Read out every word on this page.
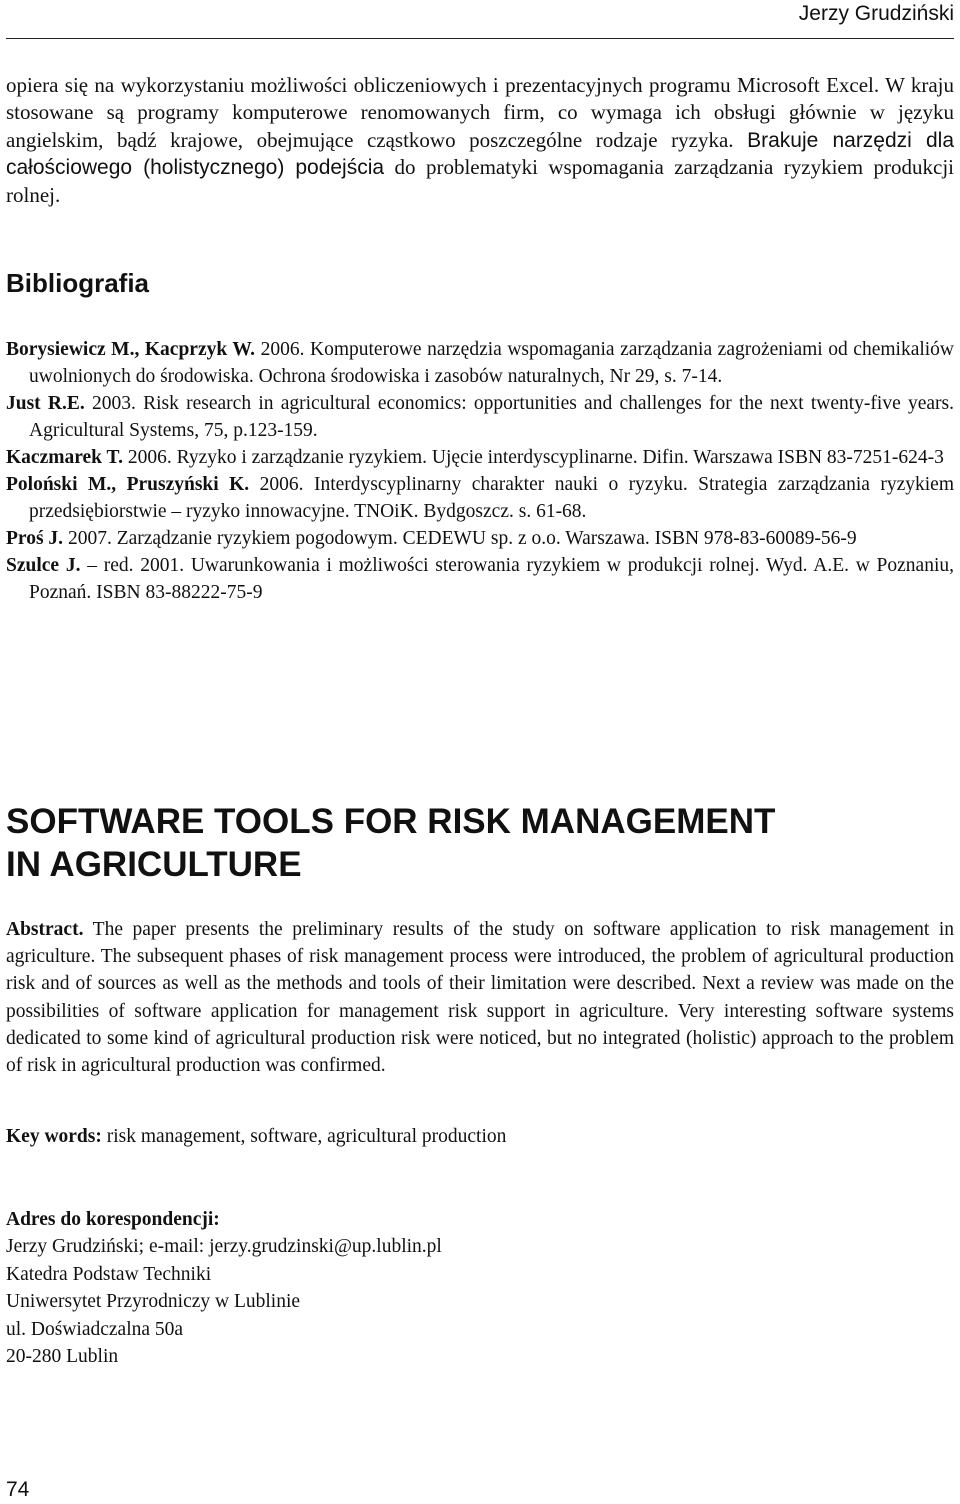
Jerzy Grudziński

opiera się na wykorzystaniu możliwości obliczeniowych i prezentacyjnych programu Microsoft Excel. W kraju stosowane są programy komputerowe renomowanych firm, co wymaga ich obsługi głównie w języku angielskim, bądź krajowe, obejmujące cząstkowo poszczególne rodzaje ryzyka. Brakuje narzędzi dla całościowego (holistycznego) podejścia do problematyki wspomagania zarządzania ryzykiem produkcji rolnej.

Bibliografia
Borysiewicz M., Kacprzyk W. 2006. Komputerowe narzędzia wspomagania zarządzania zagrożeniami od chemikaliów uwolnionych do środowiska. Ochrona środowiska i zasobów naturalnych, Nr 29, s. 7-14.
Just R.E. 2003. Risk research in agricultural economics: opportunities and challenges for the next twenty-five years. Agricultural Systems, 75, p.123-159.
Kaczmarek T. 2006. Ryzyko i zarządzanie ryzykiem. Ujęcie interdyscyplinarne. Difin. Warszawa ISBN 83-7251-624-3
Poloński M., Pruszyński K. 2006. Interdyscyplinarny charakter nauki o ryzyku. Strategia zarządzania ryzykiem przedsiębiorstwie – ryzyko innowacyjne. TNOiK. Bydgoszcz. s. 61-68.
Proś J. 2007. Zarządzanie ryzykiem pogodowym. CEDEWU sp. z o.o. Warszawa. ISBN 978-83-60089-56-9
Szulce J. – red. 2001. Uwarunkowania i możliwości sterowania ryzykiem w produkcji rolnej. Wyd. A.E. w Poznaniu, Poznań. ISBN 83-88222-75-9
SOFTWARE TOOLS FOR RISK MANAGEMENT
IN AGRICULTURE

Abstract. The paper presents the preliminary results of the study on software application to risk management in agriculture. The subsequent phases of risk management process were introduced, the problem of agricultural production risk and of sources as well as the methods and tools of their limitation were described. Next a review was made on the possibilities of software application for management risk support in agriculture. Very interesting software systems dedicated to some kind of agricultural production risk were noticed, but no integrated (holistic) approach to the problem of risk in agricultural production was confirmed.

Key words: risk management, software, agricultural production

Adres do korespondencji:
Jerzy Grudziński; e-mail: jerzy.grudzinski@up.lublin.pl
Katedra Podstaw Techniki
Uniwersytet Przyrodniczy w Lublinie
ul. Doświadczalna 50a
20-280 Lublin
74
